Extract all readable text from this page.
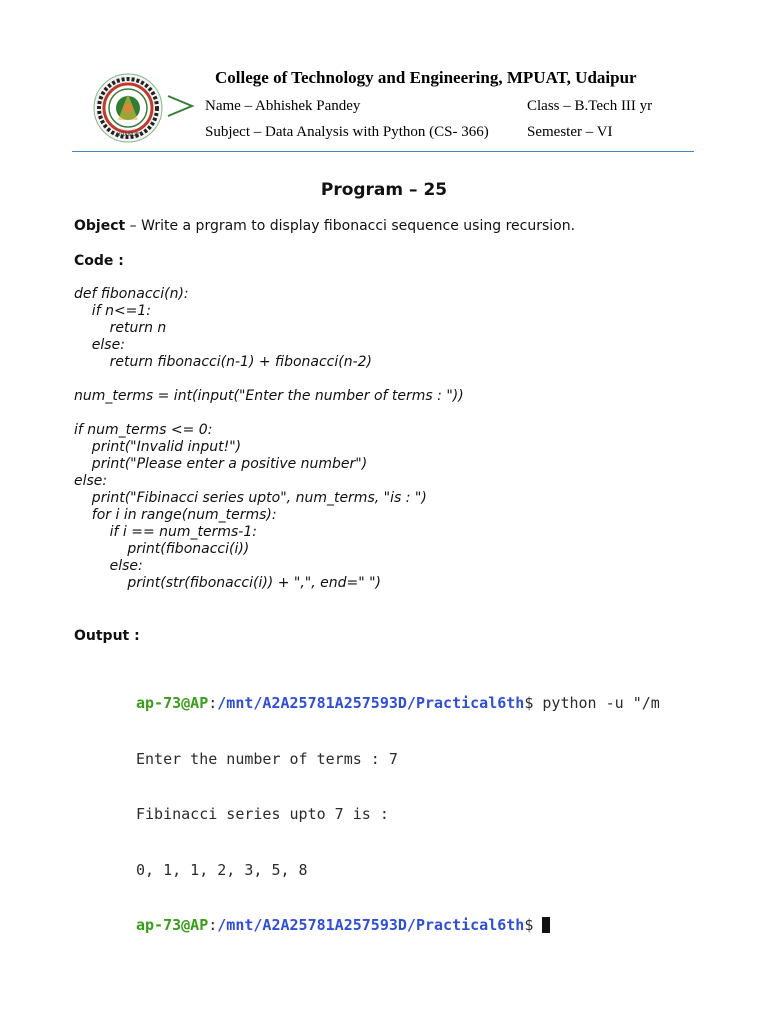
UDAIPUR
College of Technology and Engineering, MPUAT, Udaipur
Name – Abhishek Pandey	Class – B.Tech III yr
Subject – Data Analysis with Python (CS- 366)	Semester – VI
Program – 25
Object – Write a prgram to display fibonacci sequence using recursion.
Code :
def fibonacci(n):
if n<=1:
return n
else:
return fibonacci(n-1) + fibonacci(n-2)

num_terms = int(input("Enter the number of terms : "))

if num_terms <= 0:
print("Invalid input!")
print("Please enter a positive number")
else:
print("Fibinacci series upto", num_terms, "is : ")
for i in range(num_terms):
if i == num_terms-1:
print(fibonacci(i))
else:
print(str(fibonacci(i)) + ",", end=" ")
Output :

ap-73@AP:/mnt/A2A25781A257593D/Practical6th$ python -u "/m

Enter the number of terms : 7

Fibinacci series upto 7 is :

0, 1, 1, 2, 3, 5, 8

ap-73@AP:/mnt/A2A25781A257593D/Practical6th$
